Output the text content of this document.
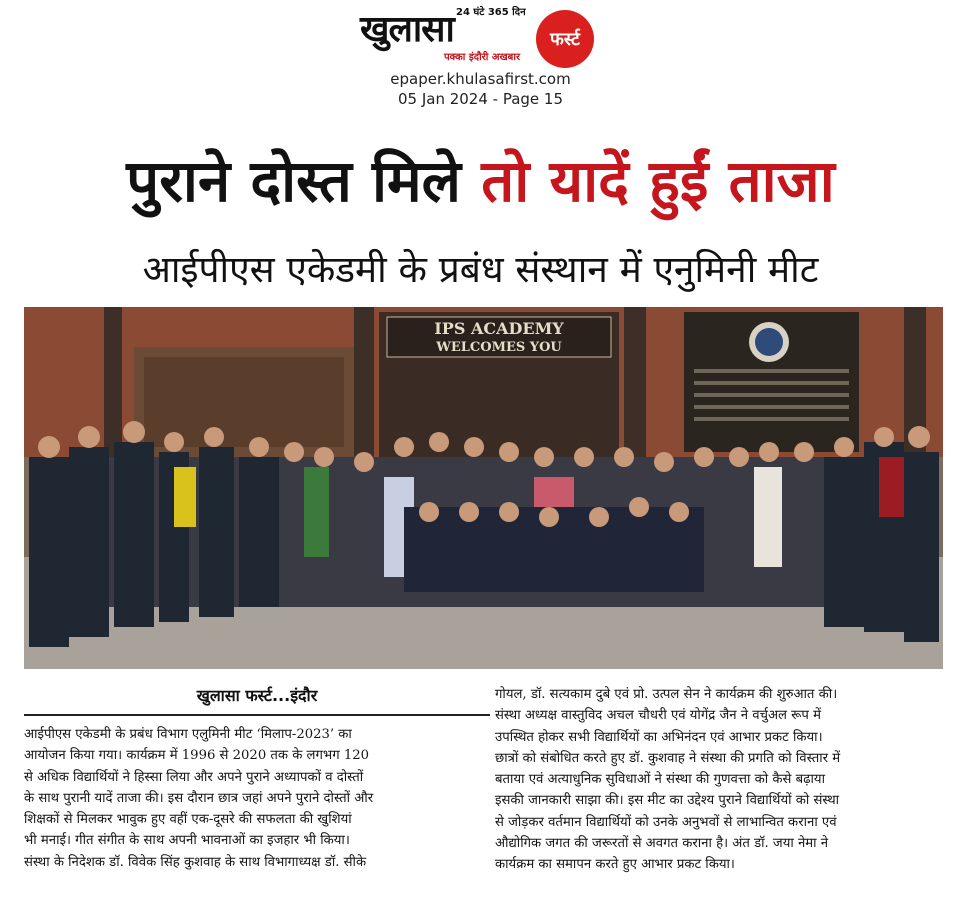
24 घंटे 365 दिन
खुलासा
पक्का इंदौरी अखबार
फर्स्ट
epaper.khulasafirst.com
05 Jan 2024 - Page 15
पुराने दोस्त मिले तो यादें हुईं ताजा
आईपीएस एकेडमी के प्रबंध संस्थान में एनुमिनी मीट
IPS ACADEMY
WELCOMES YOU
खुलासा फर्स्ट...इंदौर
आईपीएस एकेडमी के प्रबंध विभाग एलुमिनी मीट ‘मिलाप-2023’ का
आयोजन किया गया। कार्यक्रम में 1996 से 2020 तक के लगभग 120
से अधिक विद्यार्थियों ने हिस्सा लिया और अपने पुराने अध्यापकों व दोस्तों
के साथ पुरानी यादें ताजा की। इस दौरान छात्र जहां अपने पुराने दोस्तों और
शिक्षकों से मिलकर भावुक हुए वहीं एक-दूसरे की सफलता की खुशियां
भी मनाई। गीत संगीत के साथ अपनी भावनाओं का इजहार भी किया।
संस्था के निदेशक डॉ. विवेक सिंह कुशवाह के साथ विभागाध्यक्ष डॉ. सीके
गोयल, डॉ. सत्यकाम दुबे एवं प्रो. उत्पल सेन ने कार्यक्रम की शुरुआत की।
संस्था अध्यक्ष वास्तुविद अचल चौधरी एवं योगेंद्र जैन ने वर्चुअल रूप में
उपस्थित होकर सभी विद्यार्थियों का अभिनंदन एवं आभार प्रकट किया।
छात्रों को संबोधित करते हुए डॉ. कुशवाह ने संस्था की प्रगति को विस्तार में
बताया एवं अत्याधुनिक सुविधाओं ने संस्था की गुणवत्ता को कैसे बढ़ाया
इसकी जानकारी साझा की। इस मीट का उद्देश्य पुराने विद्यार्थियों को संस्था
से जोड़कर वर्तमान विद्यार्थियों को उनके अनुभवों से लाभान्वित कराना एवं
औद्योगिक जगत की जरूरतों से अवगत कराना है। अंत डॉ. जया नेमा ने
कार्यक्रम का समापन करते हुए आभार प्रकट किया।
